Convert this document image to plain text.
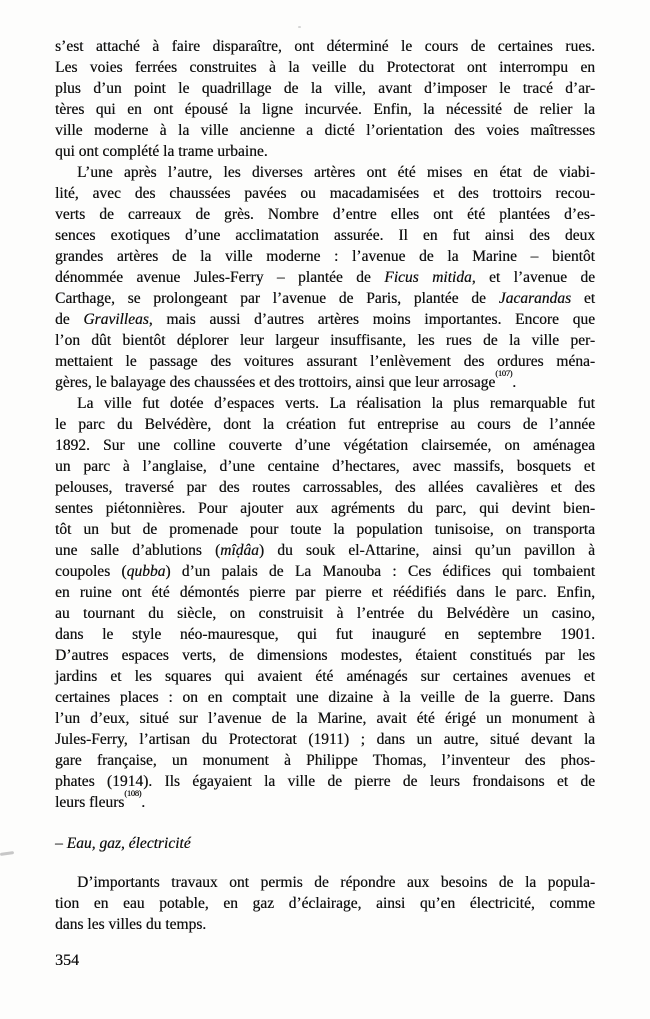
s’est attaché à faire disparaître, ont déterminé le cours de certaines rues.
Les voies ferrées construites à la veille du Protectorat ont interrompu en
plus d’un point le quadrillage de la ville, avant d’imposer le tracé d’ar-
tères qui en ont épousé la ligne incurvée. Enfin, la nécessité de relier la
ville moderne à la ville ancienne a dicté l’orientation des voies maîtresses
qui ont complété la trame urbaine.
L’une après l’autre, les diverses artères ont été mises en état de viabi-
lité, avec des chaussées pavées ou macadamisées et des trottoirs recou-
verts de carreaux de grès. Nombre d’entre elles ont été plantées d’es-
sences exotiques d’une acclimatation assurée. Il en fut ainsi des deux
grandes artères de la ville moderne : l’avenue de la Marine – bientôt
dénommée avenue Jules-Ferry – plantée de Ficus mitida, et l’avenue de
Carthage, se prolongeant par l’avenue de Paris, plantée de Jacarandas et
de Gravilleas, mais aussi d’autres artères moins importantes. Encore que
l’on dût bientôt déplorer leur largeur insuffisante, les rues de la ville per-
mettaient le passage des voitures assurant l’enlèvement des ordures ména-
gères, le balayage des chaussées et des trottoirs, ainsi que leur arrosage$^{(107)}$.
La ville fut dotée d’espaces verts. La réalisation la plus remarquable fut
le parc du Belvédère, dont la création fut entreprise au cours de l’année
1892. Sur une colline couverte d’une végétation clairsemée, on aménagea
un parc à l’anglaise, d’une centaine d’hectares, avec massifs, bosquets et
pelouses, traversé par des routes carrossables, des allées cavalières et des
sentes piétonnières. Pour ajouter aux agréments du parc, qui devint bien-
tôt un but de promenade pour toute la population tunisoise, on transporta
une salle d’ablutions (mîḍâa) du souk el-Attarine, ainsi qu’un pavillon à
coupoles (qubba) d’un palais de La Manouba : Ces édifices qui tombaient
en ruine ont été démontés pierre par pierre et réédifiés dans le parc. Enfin,
au tournant du siècle, on construisit à l’entrée du Belvédère un casino,
dans le style néo-mauresque, qui fut inauguré en septembre 1901.
D’autres espaces verts, de dimensions modestes, étaient constitués par les
jardins et les squares qui avaient été aménagés sur certaines avenues et
certaines places : on en comptait une dizaine à la veille de la guerre. Dans
l’un d’eux, situé sur l’avenue de la Marine, avait été érigé un monument à
Jules-Ferry, l’artisan du Protectorat (1911) ; dans un autre, situé devant la
gare française, un monument à Philippe Thomas, l’inventeur des phos-
phates (1914). Ils égayaient la ville de pierre de leurs frondaisons et de
leurs fleurs$^{(108)}$.
– Eau, gaz, électricité
D’importants travaux ont permis de répondre aux besoins de la popula-
tion en eau potable, en gaz d’éclairage, ainsi qu’en électricité, comme
dans les villes du temps.
354
